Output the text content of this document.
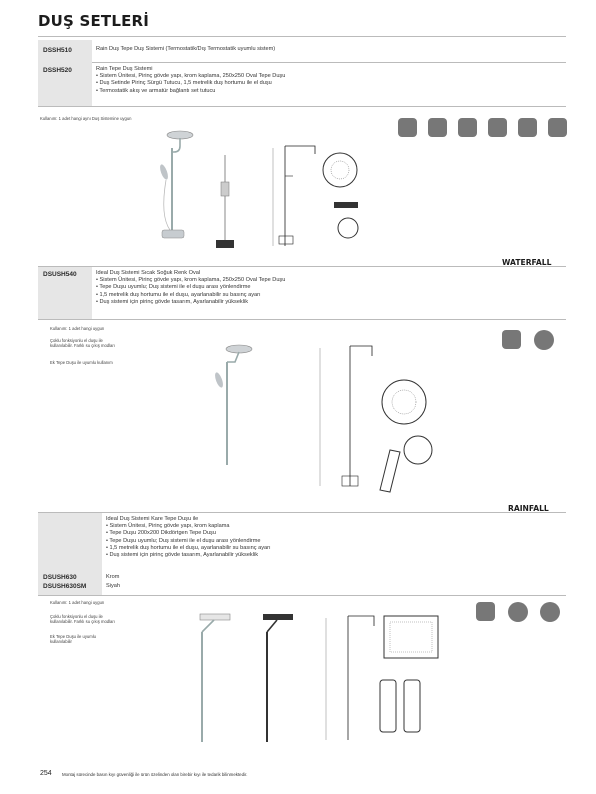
DUŞ SETLERİ
DSSH510
DSSH520
Rain Duş Tepe Duş Sistemi (Termostatik/Dış Termostatik uyumlu sistem)
Rain Tepe Duş Sistemi
• Sistem Ünitesi, Pirinç gövde yapı, krom kaplama, 250x250 Oval Tepe Duşu
• Duş Setinde Pirinç Sürgü Tutucu, 1,5 metrelik duş hortumu ile el duşu
• Termostatik akış ve armatür bağlantı set tutucu
Kullanım: 1 adet hangi aynı Duş Sistemine uygun
WATERFALL
DSUSH540	Ideal Duş Sistemi Sıcak Soğuk Renk Oval
• Sistem Ünitesi, Pirinç gövde yapı, krom kaplama, 250x250 Oval Tepe Duşu
• Tepe Duşu uyumlu; Duş sistemi ile el duşu arası yönlendirme
• 1,5 metrelik duş hortumu ile el duşu, ayarlanabilir su basınç ayarı
• Duş sistemi için pirinç gövde tasarım, Ayarlanabilir yükseklik
Kullanım: 1 adet hangi uygun
Çoklu fonksiyonlu el duşu ile
kullanılabilir. Farklı su çıkış modları
Ek Tepe Duşu ile uyumlu kullanım
RAINFALL
DSUSH630
DSUSH630SM
Ideal Duş Sistemi Kare Tepe Duşu ile
• Sistem Ünitesi, Pirinç gövde yapı, krom kaplama
• Tepe Duşu 200x200 Dikdörtgen Tepe Duşu
• Tepe Duşu uyumlu; Duş sistemi ile el duşu arası yönlendirme
• 1,5 metrelik duş hortumu ile el duşu, ayarlanabilir su basınç ayarı
• Duş sistemi için pirinç gövde tasarım, Ayarlanabilir yükseklik
Krom
Siyah
Kullanım: 1 adet hangi uygun
Çoklu fonksiyonlu el duşu ile
kullanılabilir. Farklı su çıkış modları
Ek Tepe Duşu ile uyumlu
kullanılabilir
254 Montaj sürecinde basın kıyı güvenliği ile ürün özelinden olan birebir kıyı ile tedarik bilinmektedir.
